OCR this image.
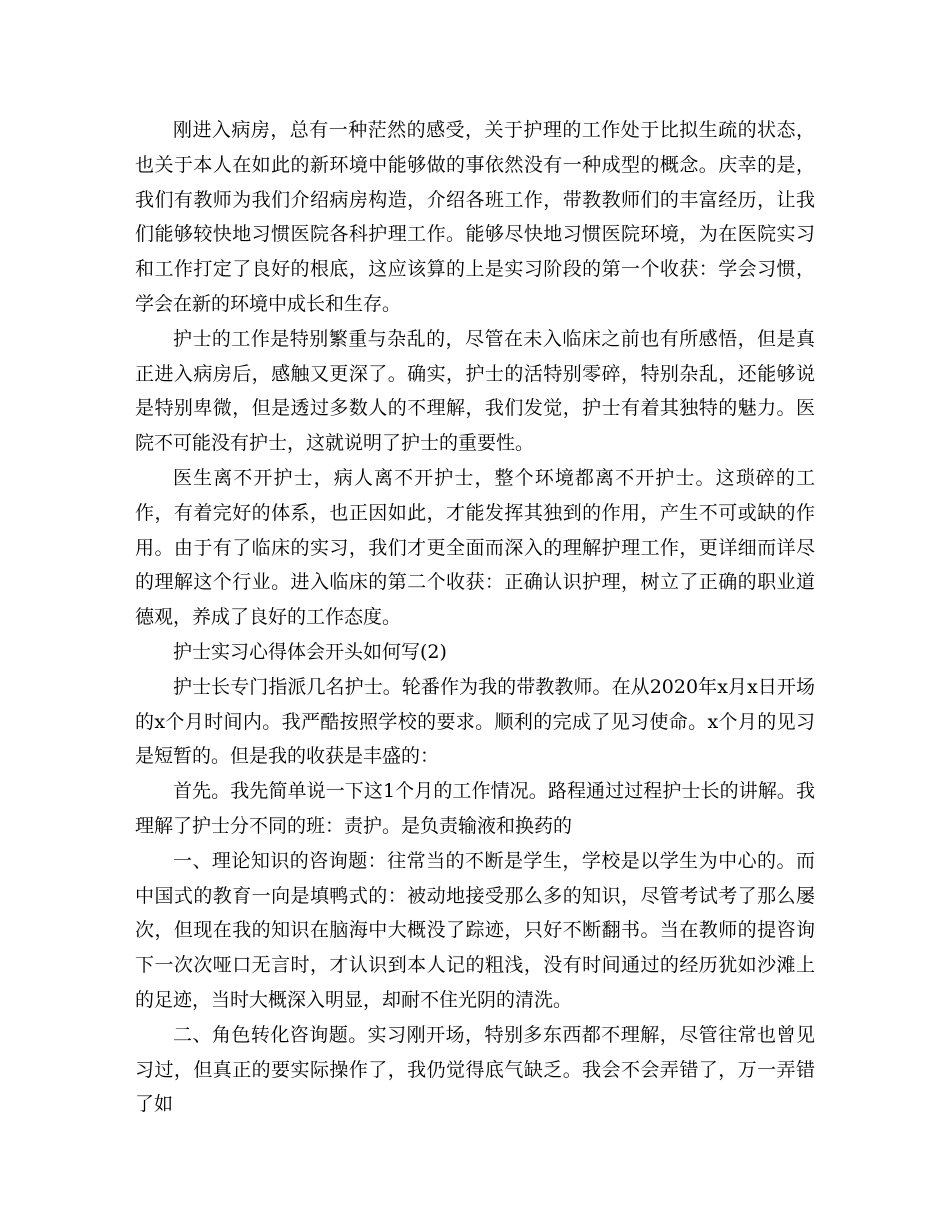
刚进入病房，总有一种茫然的感受，关于护理的工作处于比拟生疏的状态，也关于本人在如此的新环境中能够做的事依然没有一种成型的概念。庆幸的是，我们有教师为我们介绍病房构造，介绍各班工作，带教教师们的丰富经历，让我们能够较快地习惯医院各科护理工作。能够尽快地习惯医院环境，为在医院实习和工作打定了良好的根底，这应该算的上是实习阶段的第一个收获：学会习惯，学会在新的环境中成长和生存。

护士的工作是特别繁重与杂乱的，尽管在未入临床之前也有所感悟，但是真正进入病房后，感触又更深了。确实，护士的活特别零碎，特别杂乱，还能够说是特别卑微，但是透过多数人的不理解，我们发觉，护士有着其独特的魅力。医院不可能没有护士，这就说明了护士的重要性。

医生离不开护士，病人离不开护士，整个环境都离不开护士。这琐碎的工作，有着完好的体系，也正因如此，才能发挥其独到的作用，产生不可或缺的作用。由于有了临床的实习，我们才更全面而深入的理解护理工作，更详细而详尽的理解这个行业。进入临床的第二个收获：正确认识护理，树立了正确的职业道德观，养成了良好的工作态度。

护士实习心得体会开头如何写(2)

护士长专门指派几名护士。轮番作为我的带教教师。在从2020年x月x日开场的x个月时间内。我严酷按照学校的要求。顺利的完成了见习使命。x个月的见习是短暂的。但是我的收获是丰盛的：

首先。我先简单说一下这1个月的工作情况。路程通过过程护士长的讲解。我理解了护士分不同的班：责护。是负责输液和换药的

一、理论知识的咨询题：往常当的不断是学生，学校是以学生为中心的。而中国式的教育一向是填鸭式的：被动地接受那么多的知识，尽管考试考了那么屡次，但现在我的知识在脑海中大概没了踪迹，只好不断翻书。当在教师的提咨询下一次次哑口无言时，才认识到本人记的粗浅，没有时间通过的经历犹如沙滩上的足迹，当时大概深入明显，却耐不住光阴的清洗。

二、角色转化咨询题。实习刚开场，特别多东西都不理解，尽管往常也曾见习过，但真正的要实际操作了，我仍觉得底气缺乏。我会不会弄错了，万一弄错了如
